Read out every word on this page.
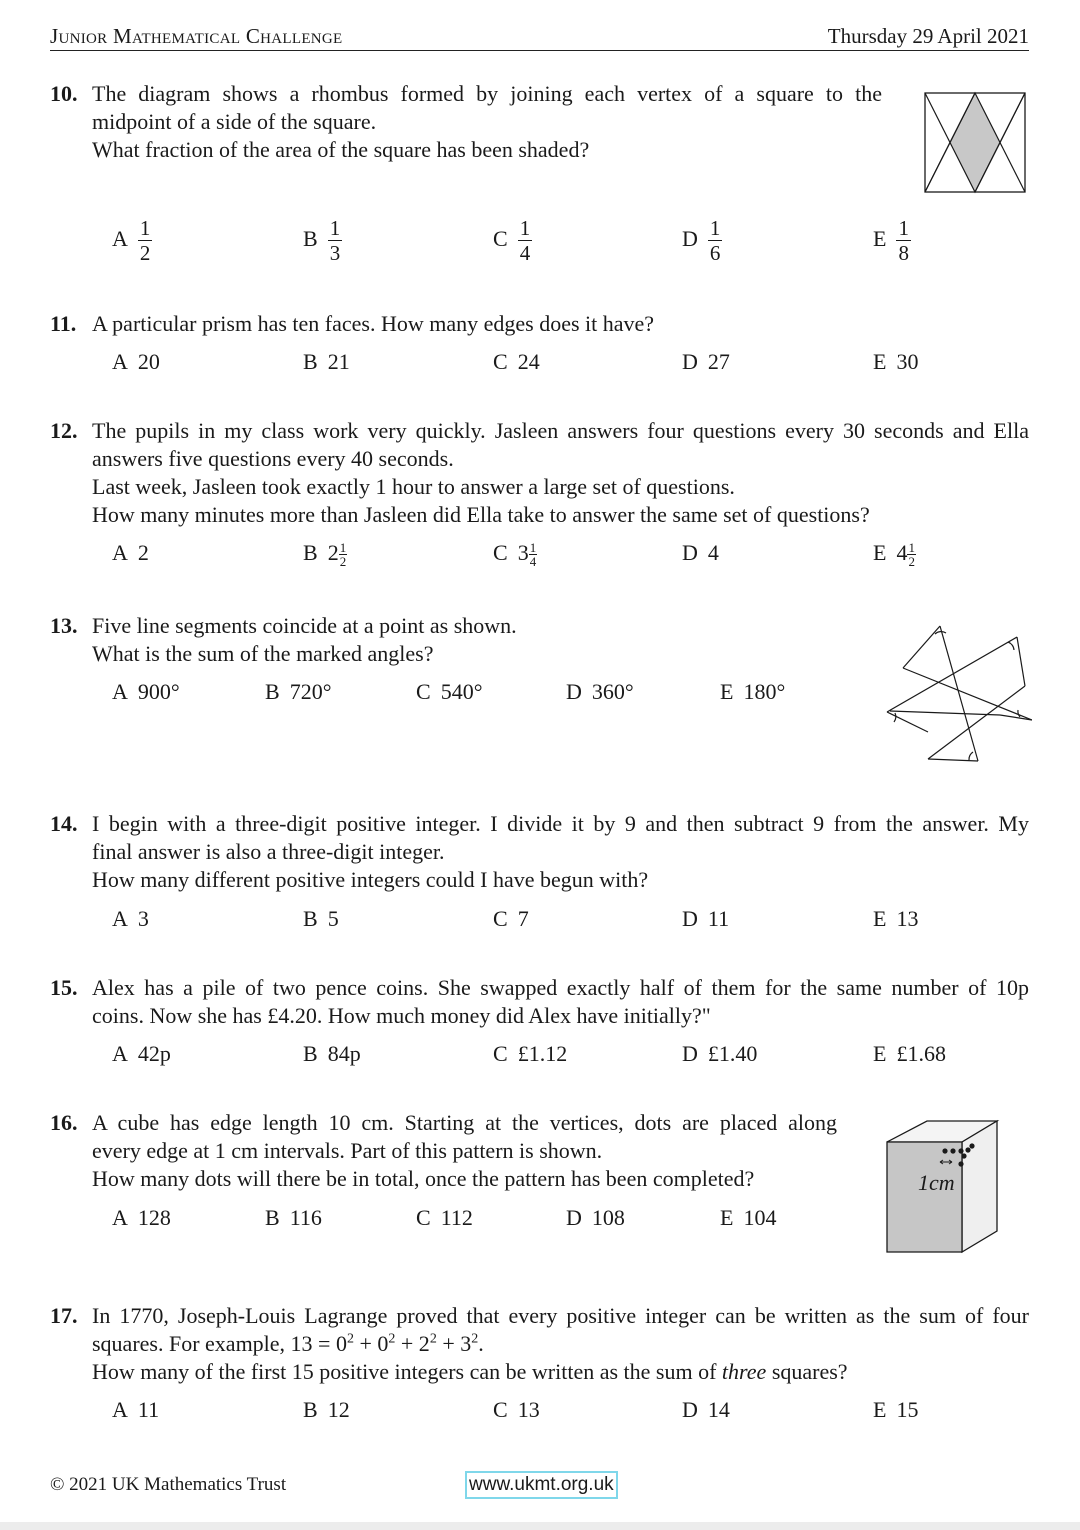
Junior Mathematical Challenge	Thursday 29 April 2021
10. The diagram shows a rhombus formed by joining each vertex of a square to the
midpoint of a side of the square.
What fraction of the area of the square has been shaded?
A $\frac{1}{2}$	B $\frac{1}{3}$	C $\frac{1}{4}$	D $\frac{1}{6}$	E $\frac{1}{8}$
11. A particular prism has ten faces. How many edges does it have?
A 20	B 21	C 24	D 27	E 30
12. The pupils in my class work very quickly. Jasleen answers four questions every 30 seconds and Ella
answers five questions every 40 seconds.
Last week, Jasleen took exactly 1 hour to answer a large set of questions.
How many minutes more than Jasleen did Ella take to answer the same set of questions?
A 2	B $2 \frac{1}{2}$	C $3 \frac{1}{4}$	D 4	E $4 \frac{1}{2}$
13. Five line segments coincide at a point as shown.
What is the sum of the marked angles?
A 900°	B 720°	C 540°	D 360°	E 180°
14. I begin with a three-digit positive integer. I divide it by 9 and then subtract 9 from the answer. My
final answer is also a three-digit integer.
How many different positive integers could I have begun with?
A 3	B 5	C 7	D 11	E 13
15. Alex has a pile of two pence coins. She swapped exactly half of them for the same number of 10p
coins. Now she has £4.20. How much money did Alex have initially?"
A 42p	B 84p	C £1.12	D £1.40	E £1.68
16. A cube has edge length 10 cm. Starting at the vertices, dots are placed along
every edge at 1 cm intervals. Part of this pattern is shown.
How many dots will there be in total, once the pattern has been completed?	1cm
A 128	B 116	C 112	D 108	E 104
17. In 1770, Joseph-Louis Lagrange proved that every positive integer can be written as the sum of four
squares. For example, $13 = 0^2 + 0^2 + 2^2 + 3^2$.
How many of the first 15 positive integers can be written as the sum of three squares?
A 11	B 12	C 13	D 14	E 15
© 2021 UK Mathematics Trust	www.ukmt.org.uk
